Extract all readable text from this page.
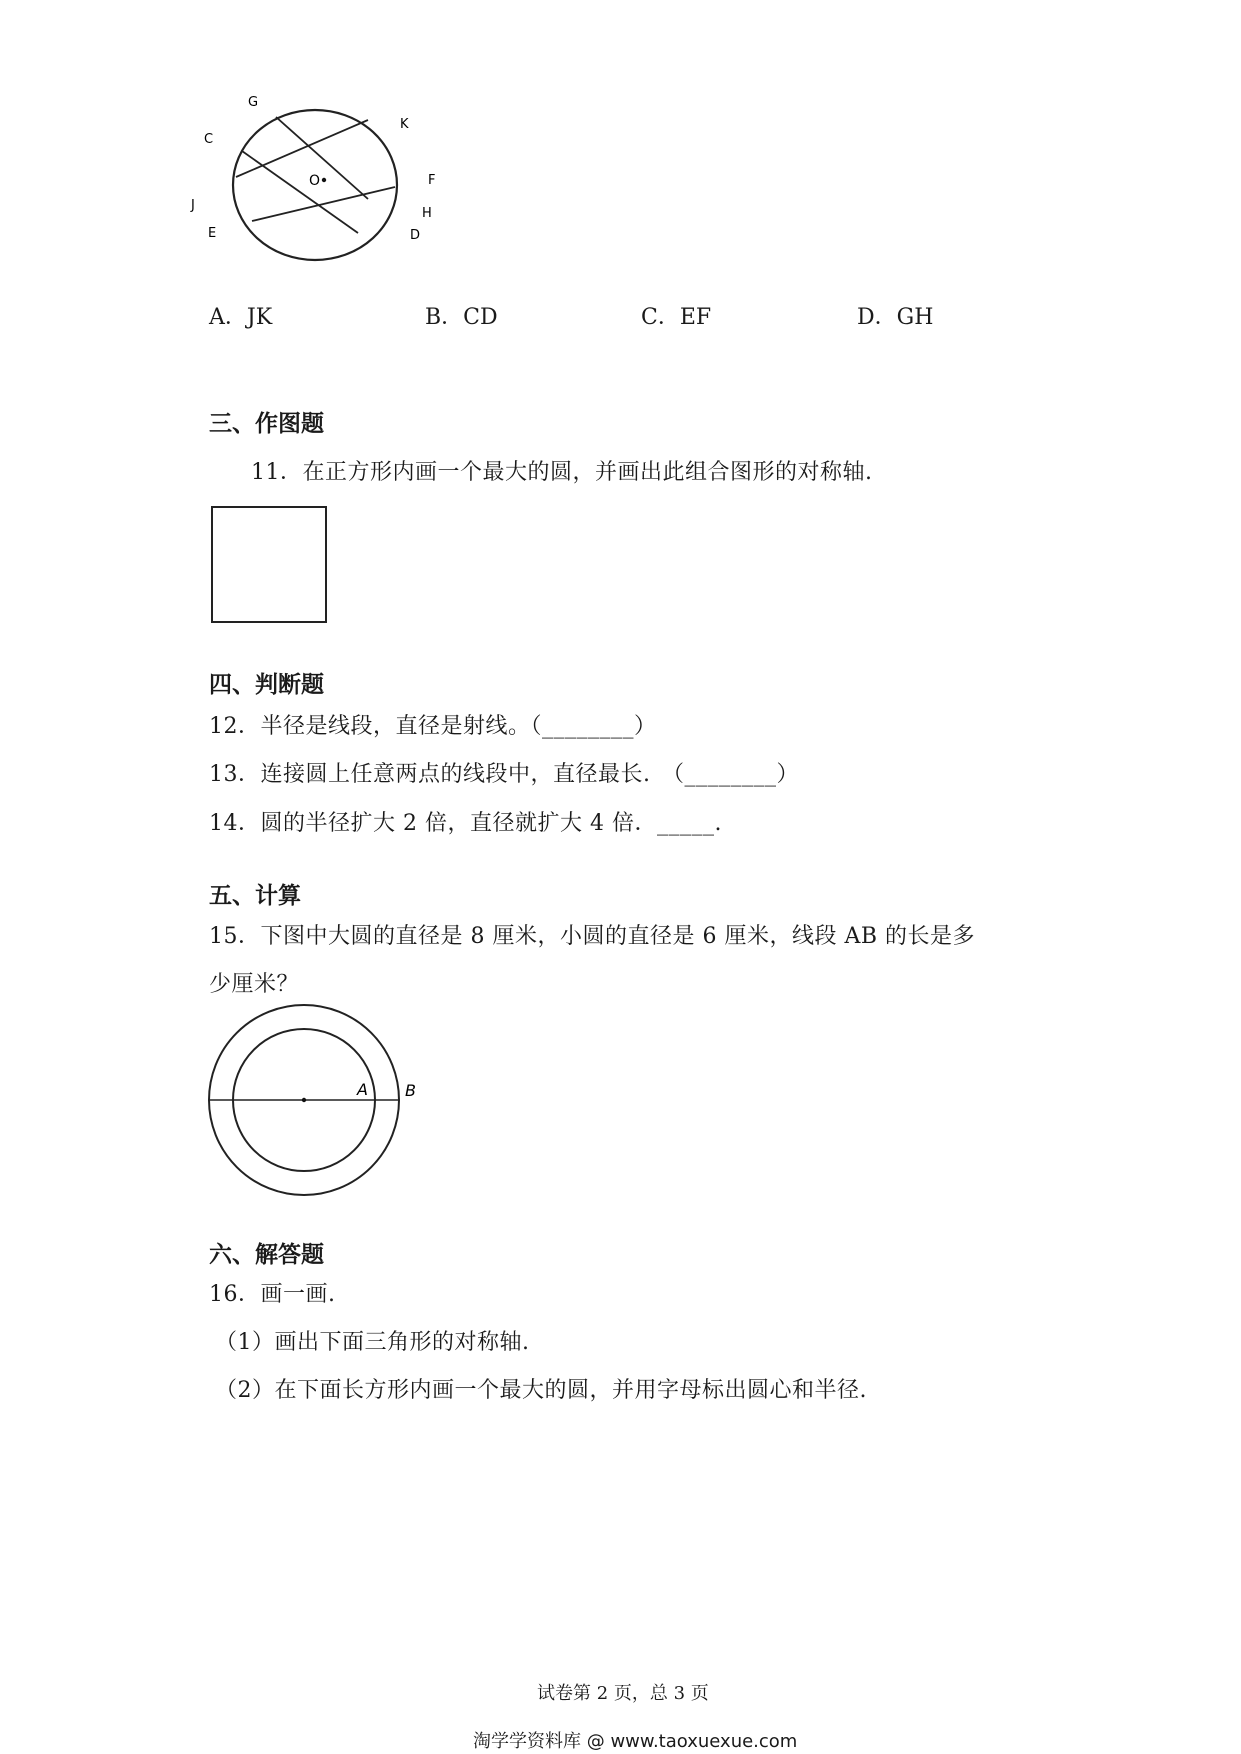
G
K
C
J
O	F
H
E	D
A．JK	B．CD	C．EF	D．GH
三、作图题
11．在正方形内画一个最大的圆，并画出此组合图形的对称轴.
四、判断题
12．半径是线段，直径是射线。（________）
13．连接圆上任意两点的线段中，直径最长.　（________）
14．圆的半径扩大 2 倍，直径就扩大 4 倍．_____.
五、计算
15．下图中大圆的直径是 8 厘米，小圆的直径是 6 厘米，线段 AB 的长是多
少厘米？
A B
六、解答题
16．画一画.
（1）画出下面三角形的对称轴.
（2）在下面长方形内画一个最大的圆，并用字母标出圆心和半径.
试卷第 2 页，总 3 页
淘学学资料库 @ www.taoxuexue.com
